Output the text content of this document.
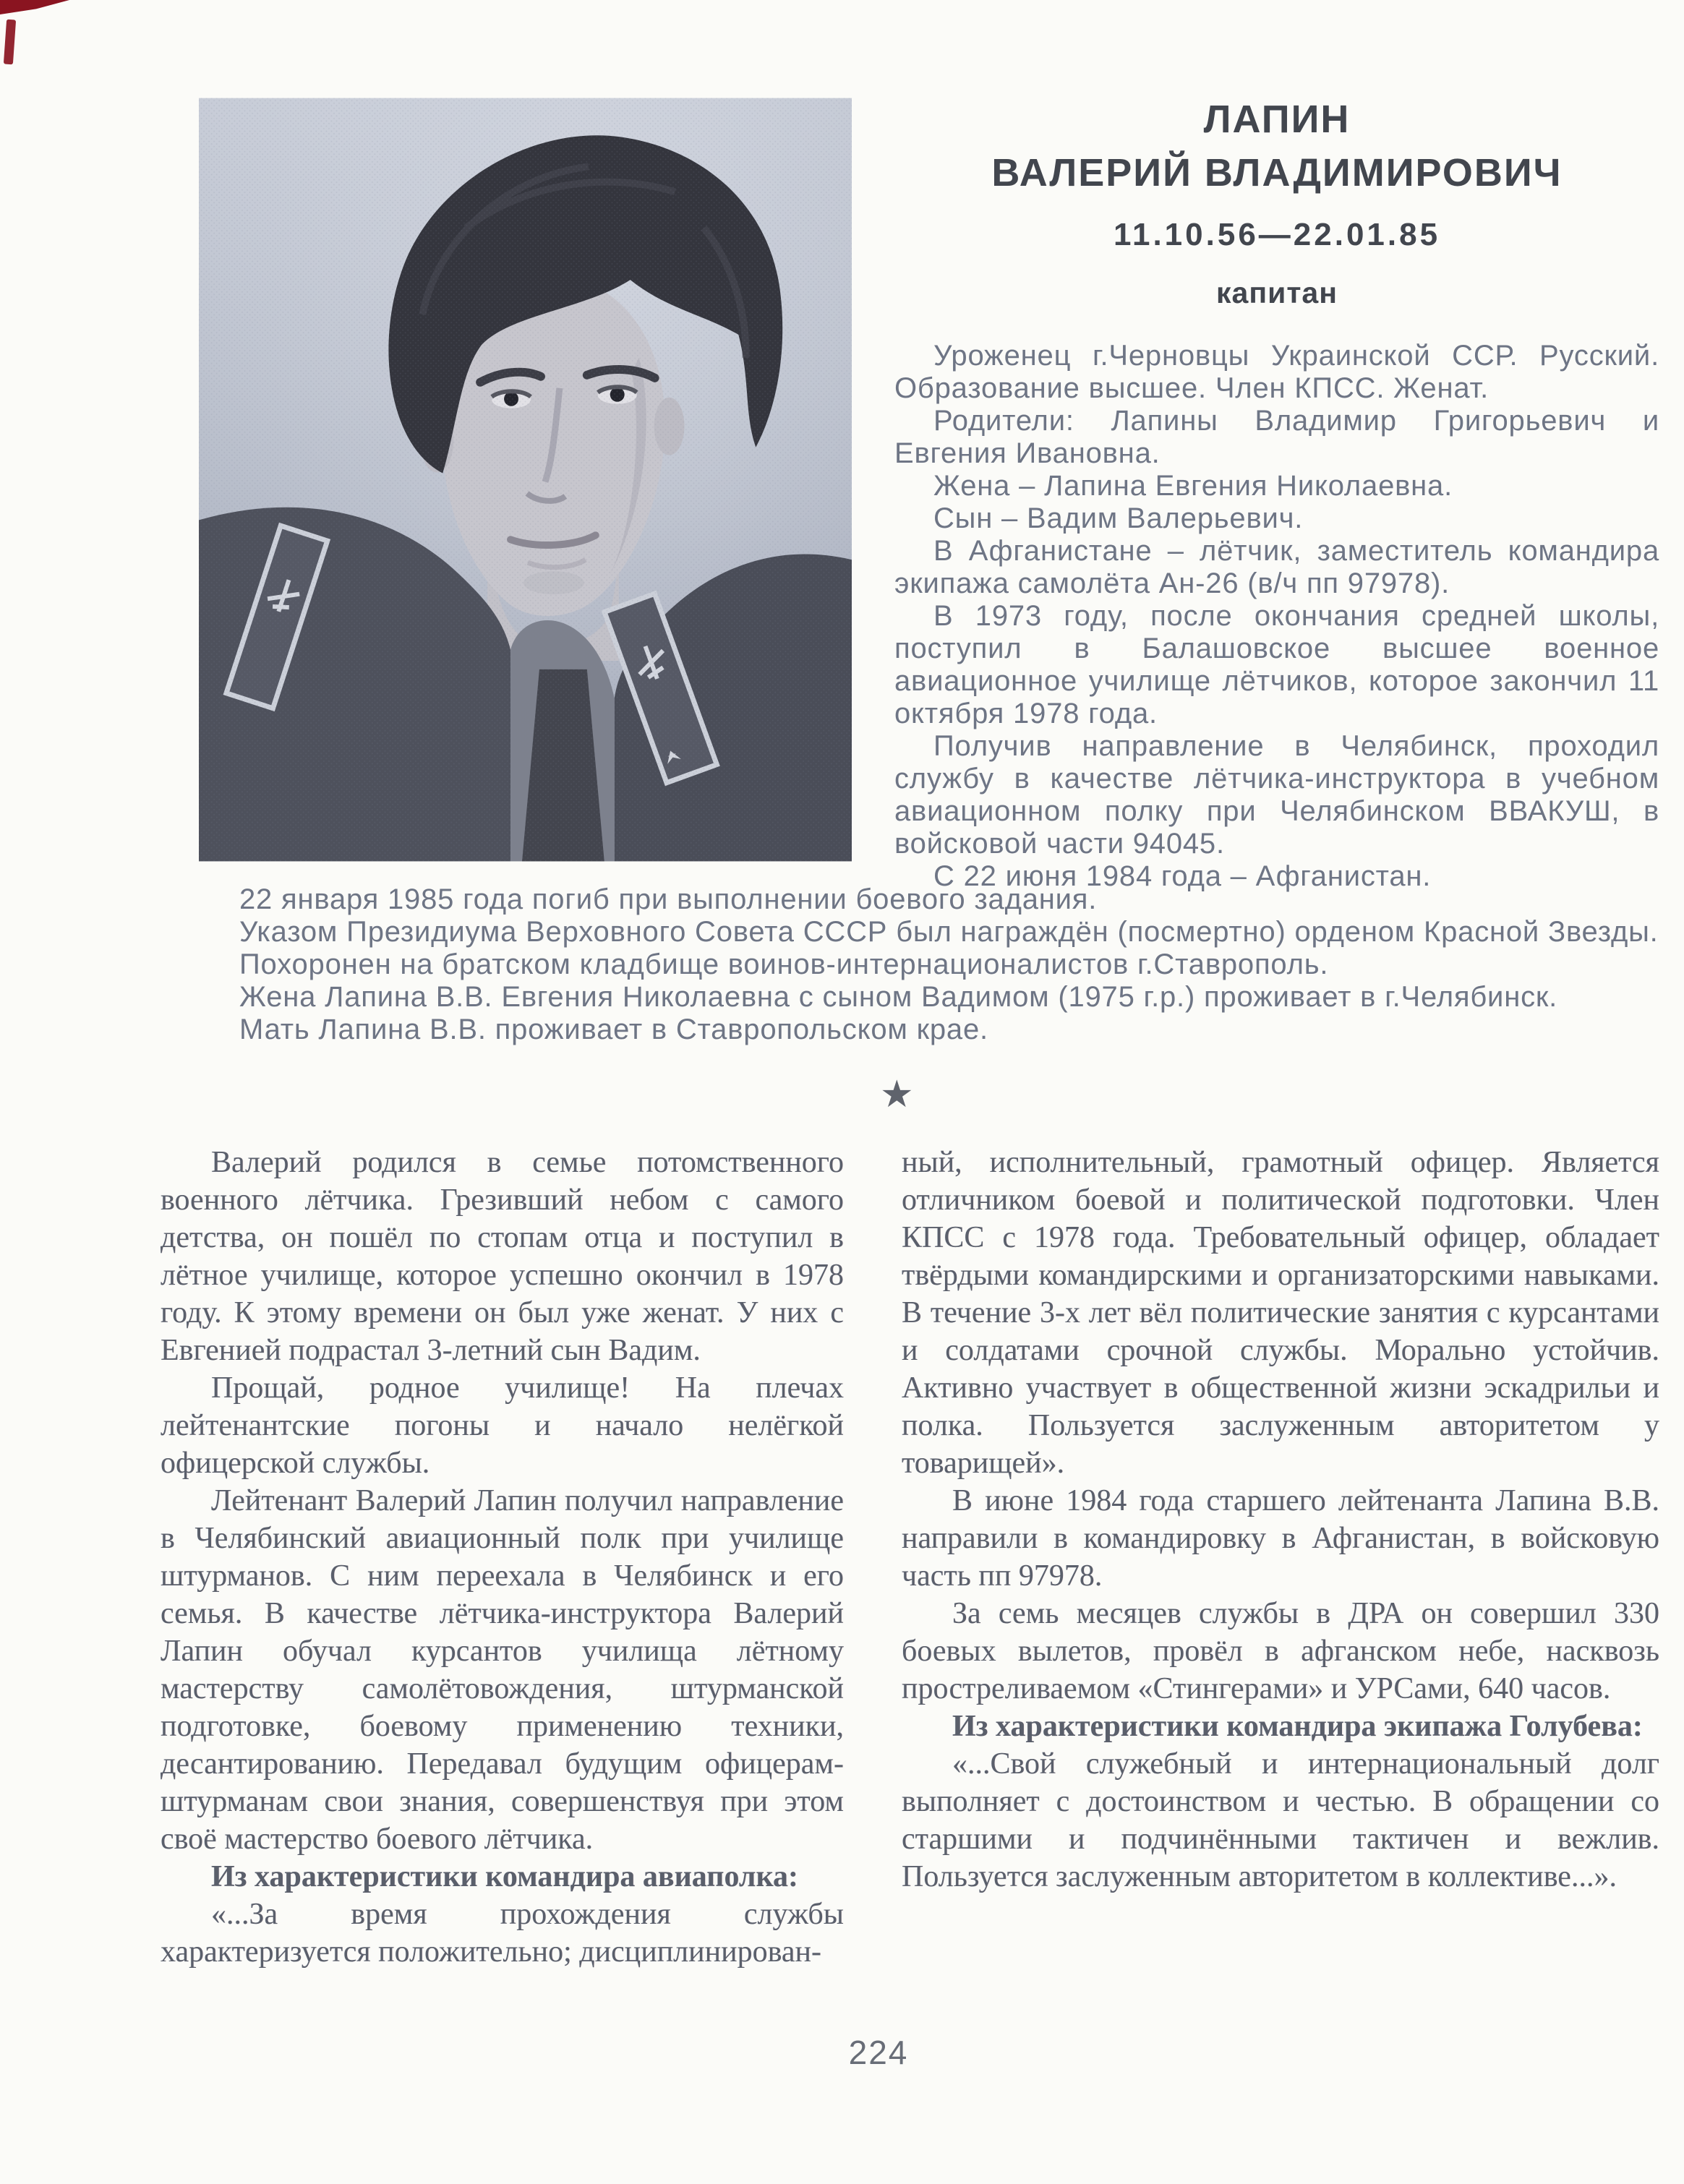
ЛАПИН
ВАЛЕРИЙ ВЛАДИМИРОВИЧ
11.10.56—22.01.85
капитан

Уроженец г.Черновцы Украинской ССР. Русский. Образование высшее. Член КПСС. Женат.

Родители: Лапины Владимир Григорьевич и Евгения Ивановна.

Жена – Лапина Евгения Николаевна.

Сын – Вадим Валерьевич.

В Афганистане – лётчик, заместитель командира экипажа самолёта Ан-26 (в/ч пп 97978).

В 1973 году, после окончания средней школы, поступил в Балашовское высшее военное авиационное училище лётчиков, которое закончил 11 октября 1978 года.

Получив направление в Челябинск, проходил службу в качестве лётчика-инструктора в учебном авиационном полку при Челябинском ВВАКУШ, в войсковой части 94045.

С 22 июня 1984 года – Афганистан.

22 января 1985 года погиб при выполнении боевого задания.

Указом Президиума Верховного Совета СССР был награждён (посмертно) орденом Красной Звезды.

Похоронен на братском кладбище воинов-интернационалистов г.Ставрополь.

Жена Лапина В.В. Евгения Николаевна с сыном Вадимом (1975 г.р.) проживает в г.Челябинск.

Мать Лапина В.В. проживает в Ставропольском крае.

★

Валерий родился в семье потомственного военного лётчика. Грезивший небом с самого детства, он пошёл по стопам отца и поступил в лётное училище, которое успешно окончил в 1978 году. К этому времени он был уже женат. У них с Евгенией подрастал 3-летний сын Вадим.

Прощай, родное училище! На плечах лейтенантские погоны и начало нелёгкой офицерской службы.

Лейтенант Валерий Лапин получил направление в Челябинский авиационный полк при училище штурманов. С ним переехала в Челябинск и его семья. В качестве лётчика-инструктора Валерий Лапин обучал курсантов училища лётному мастерству самолётовождения, штурманской подготовке, боевому применению техники, десантированию. Передавал будущим офицерам-штурманам свои знания, совершенствуя при этом своё мастерство боевого лётчика.

Из характеристики командира авиаполка:

«...За время прохождения службы характеризуется положительно; дисциплинирован-

ный, исполнительный, грамотный офицер. Является отличником боевой и политической подготовки. Член КПСС с 1978 года. Требовательный офицер, обладает твёрдыми командирскими и организаторскими навыками. В течение 3-х лет вёл политические занятия с курсантами и солдатами срочной службы. Морально устойчив. Активно участвует в общественной жизни эскадрильи и полка. Пользуется заслуженным авторитетом у товарищей».

В июне 1984 года старшего лейтенанта Лапина В.В. направили в командировку в Афганистан, в войсковую часть пп 97978.

За семь месяцев службы в ДРА он совершил 330 боевых вылетов, провёл в афганском небе, насквозь простреливаемом «Стингерами» и УРСами, 640 часов.

Из характеристики командира экипажа Голубева:

«...Свой служебный и интернациональный долг выполняет с достоинством и честью. В обращении со старшими и подчинёнными тактичен и вежлив. Пользуется заслуженным авторитетом в коллективе...».

224
